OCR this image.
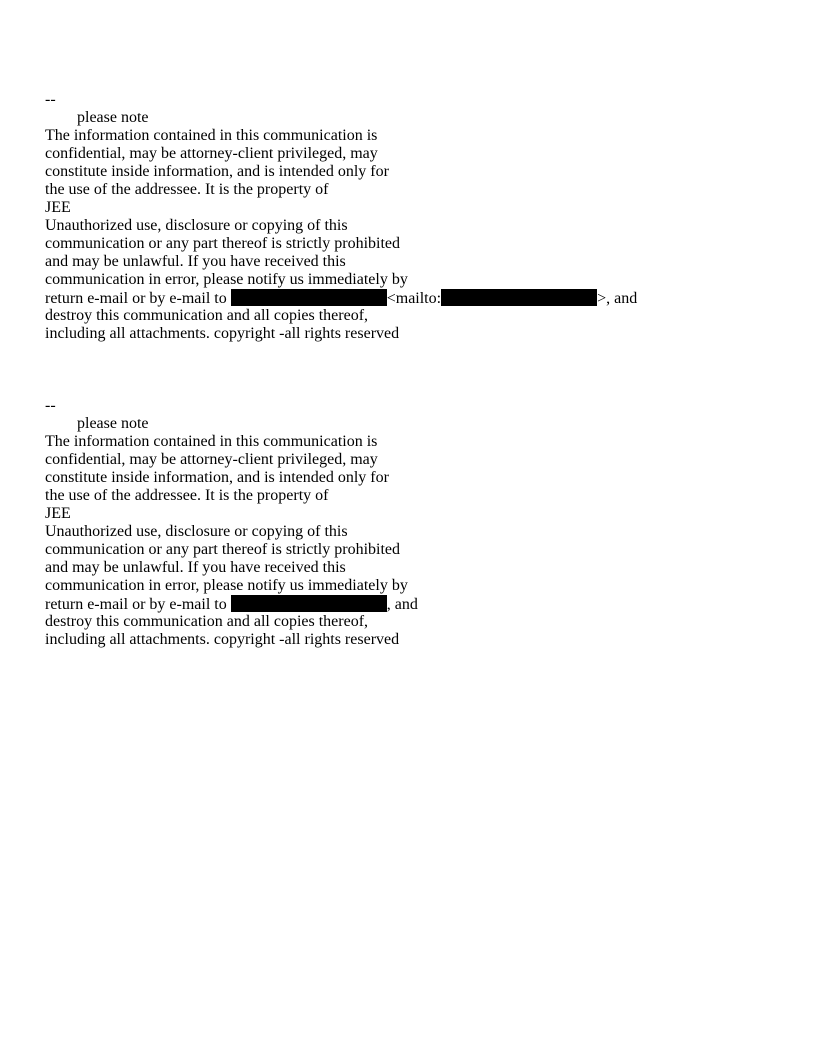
--
please note
The information contained in this communication is
confidential, may be attorney-client privileged, may
constitute inside information, and is intended only for
the use of the addressee. It is the property of
JEE
Unauthorized use, disclosure or copying of this
communication or any part thereof is strictly prohibited
and may be unlawful. If you have received this
communication in error, please notify us immediately by
return e-mail or by e-mail to	<mailto:	>, and
destroy this communication and all copies thereof,
including all attachments. copyright -all rights reserved
--
please note
The information contained in this communication is
confidential, may be attorney-client privileged, may
constitute inside information, and is intended only for
the use of the addressee. It is the property of
JEE
Unauthorized use, disclosure or copying of this
communication or any part thereof is strictly prohibited
and may be unlawful. If you have received this
communication in error, please notify us immediately by
return e-mail or by e-mail to	, and
destroy this communication and all copies thereof,
including all attachments. copyright -all rights reserved
